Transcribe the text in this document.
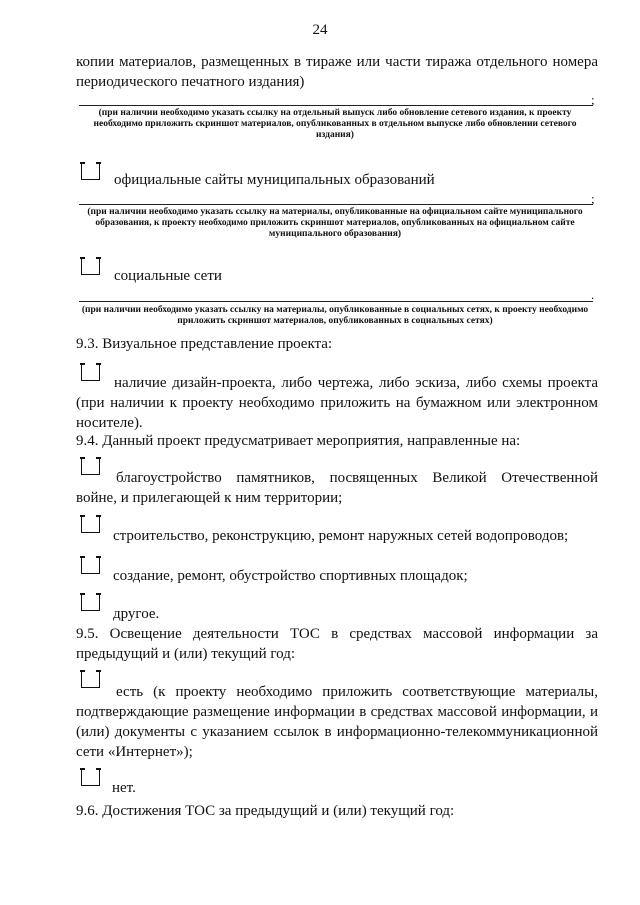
24
копии материалов, размещенных в тираже или части тиража отдельного номера периодического печатного издания)
;
(при наличии необходимо указать ссылку на отдельный выпуск либо обновление сетевого издания, к проекту необходимо приложить скриншот материалов, опубликованных в отдельном выпуске либо обновлении сетевого издания)
официальные сайты муниципальных образований
;
(при наличии необходимо указать ссылку на материалы, опубликованные на официальном сайте муниципального образования, к проекту необходимо приложить скриншот материалов, опубликованных на официальном сайте муниципального образования)
социальные сети
.
(при наличии необходимо указать ссылку на материалы, опубликованные в социальных сетях, к проекту необходимо приложить скриншот материалов, опубликованных в социальных сетях)
9.3. Визуальное представление проекта:
наличие дизайн-проекта, либо чертежа, либо эскиза, либо схемы проекта (при наличии к проекту необходимо приложить на бумажном или электронном носителе).
9.4. Данный проект предусматривает мероприятия, направленные на:
благоустройство памятников, посвященных Великой Отечественной войне, и прилегающей к ним территории;
строительство, реконструкцию, ремонт наружных сетей водопроводов;
создание, ремонт, обустройство спортивных площадок;
другое.
9.5. Освещение деятельности ТОС в средствах массовой информации за предыдущий и (или) текущий год:
есть (к проекту необходимо приложить соответствующие материалы, подтверждающие размещение информации в средствах массовой информации, и (или) документы с указанием ссылок в информационно-телекоммуникационной сети «Интернет»);
нет.
9.6. Достижения ТОС за предыдущий и (или) текущий год:
